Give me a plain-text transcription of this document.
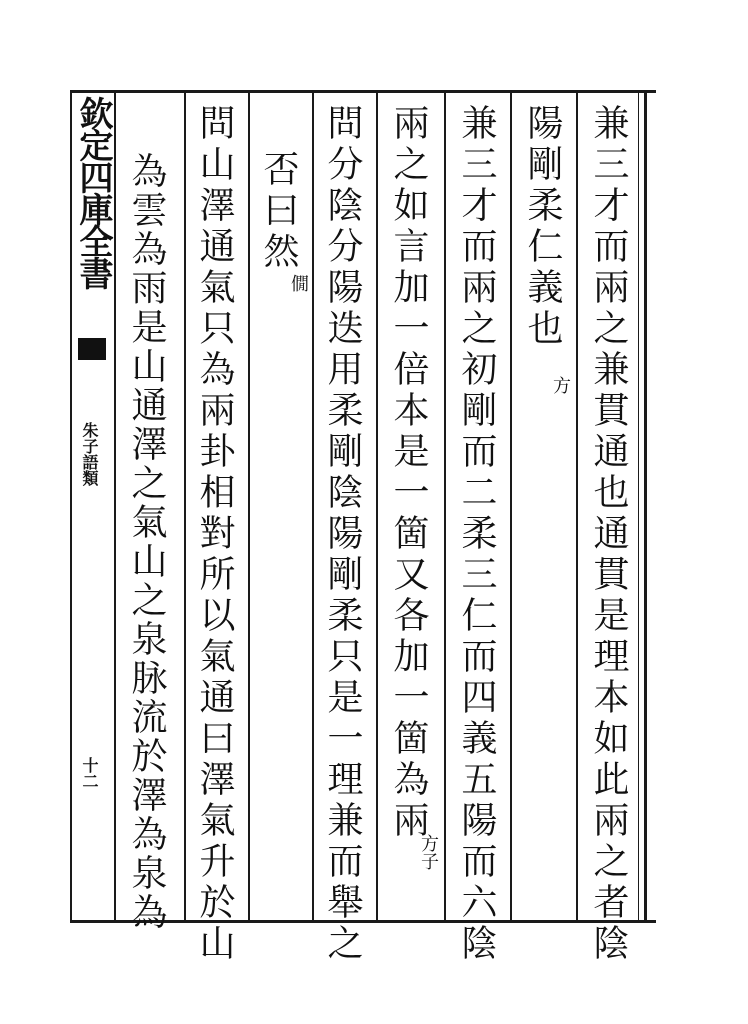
欽定四庫全書
朱子語類
十二	兼三才而兩之兼貫通也通貫是理本如此兩之者陰
陽剛柔仁義也
方
兼三才而兩之初剛而二柔三仁而四義五陽而六陰
兩之如言加一倍本是一箇又各加一箇為兩
方子
問分陰分陽迭用柔剛陰陽剛柔只是一理兼而舉之
否曰然
僩
問山澤通氣只為兩卦相對所以氣通曰澤氣升於山
為雲為雨是山通澤之氣山之泉脉流於澤為泉為
